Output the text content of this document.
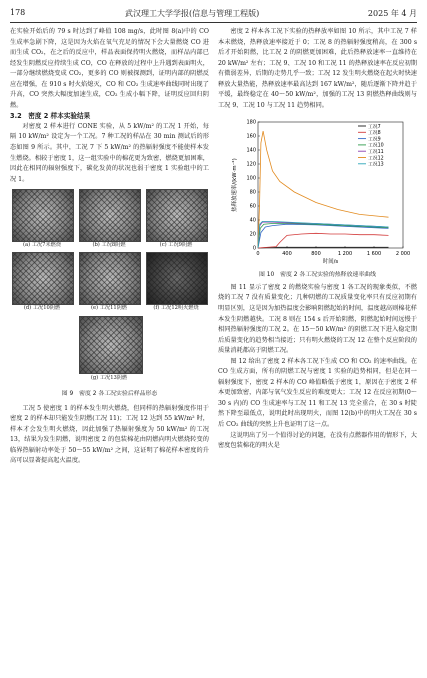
178	武汉理工大学学报(信息与管理工程版)	2025 年 4 月

在实验开始后的 79 s 时达到了峰值 108 mg/s，此时图 8(a)中的 CO 生成率急剧下降，这是因为火焰在氧气充足的情况下会大量燃烧 CO 进而生成 CO₂，在之后的反应中，样品表面保持明火燃烧，而样品内部已经发生阴燃反应持续生成 CO，CO 在释放的过程中上升遇到表面明火，一部分继续燃烧变成 CO₂，更多的 CO 则被探测到，证明内部的阴燃反应在增强，在 910 s 时火焰熄灭，CO 和 CO₂ 生成速率曲线同时出现了升高，CO 突然大幅度加速生成，CO₂ 生成小幅下降，证明反应回归阴燃。

3.2　密度 2 样本实验结果

对密度 2 样本进行 CONE 实验，从 5 kW/m² 的工况 1 开始，每隔 10 kW/m² 设定为一个工况。7 种工况的样品在 30 min 测试后的形态如图 9 所示。其中，工况 7 下 5 kW/m² 的热辐射强度不能使样本发生燃烧。相较于密度 1，这一组实验中的棉花更为致密，燃烧更加困难，因此在相同的辐射强度下，碳化发黄的状况也弱于密度 1 实验组中的工况 1。

(a) 工况7未燃烧	(b) 工况8阴燃	(c) 工况9阴燃
(d) 工况10阴燃	(e) 工况11阴燃	(f) 工况12明火燃烧
(g) 工况13阴燃

图 9　密度 2 各工况实验后样品形态

工况 5 使密度 1 的样本发生明火燃烧，但同样的热辐射强度作用于密度 2 的样本却只能发生阴燃(工况 11)；工况 12 达到 55 kW/m² 时，样本才会发生明火燃烧，因此加强了热辐射强度为 50 kW/m² 的工况 13，结果为发生阴燃，说明密度 2 的包装棉花由阴燃向明火燃烧转变的临界热辐射功率处于 50～55 kW/m² 之间，这证明了棉花样本密度的升高可以显著提高起火温度。

密度 2 样本各工况下实验的热释放率如图 10 所示，其中工况 7 样本未燃烧，热释放速率接近于 0；工况 8 的热辐射强度稍高，在 300 s 后才开始阴燃，比工况 2 的阴燃更加困难，此后热释放速率一直维持在 20 kW/m² 左右；工况 9、工况 10 和工况 11 的热释放速率在反应初期有微弱差异，后期的走势几乎一致；工况 12 发生明火燃烧在起火时快速释放大量热能，热释放速率最高达到 167 kW/m²，随后逐渐下降并趋于平缓，最终稳定在 40～50 kW/m²，加强的工况 13 阴燃热释曲线则与工况 9、工况 10 与工况 11 趋势相同。

0	400	800	1 200	1 600	2 000
0
20
40
60
80
100
120
140
160
180
时间/s
热释放速率/(kW·m⁻²)
工况7
工况8
工况9
工况10
工况11
工况12
工况13

图 10　密度 2 各工况实验的热释放速率曲线

图 11 显示了密度 2 的燃烧实验与密度 1 各工况的现象类似，不燃烧的工况 7 没有质量变化；几种阴燃的工况质量变化率只有反应初期有明显区别，这是因为加热温度会影响阴燃起始的时间，温度越高则棉花样本发生阴燃越快。工况 8 则在 154 s 后开始阴燃，阴燃起始时间远慢于相同热辐射强度的工况 2。在 15～50 kW/m² 的阴燃工况下进入稳定期后质量变化的趋势相当接近；只有明火燃烧的工况 12 在整个反应阶段的质量消耗都高于阴燃工况。

图 12 给出了密度 2 样本各工况下生成 CO 和 CO₂ 的速率曲线。在 CO 生成方面，所有的阴燃工况与密度 1 实验的趋势相同，但是在同一辐射强度下，密度 2 样本的 CO 峰值略低于密度 1，原因在于密度 2 样本更加致密，内部与氧气发生反应的难度更大；工况 12 在反应初期(0～30 s 内)的 CO 生成速率与工况 11 和工况 13 完全重合，在 30 s 时陡然下降至最低点，说明此时出现明火，而图 12(b)中的明火工况在 30 s 后 CO₂ 曲线的突然上升也证明了这一点。

这说明出了另一个值得讨论的问题，在没有点燃器作用的情形下，大密度包装棉花的明火是
